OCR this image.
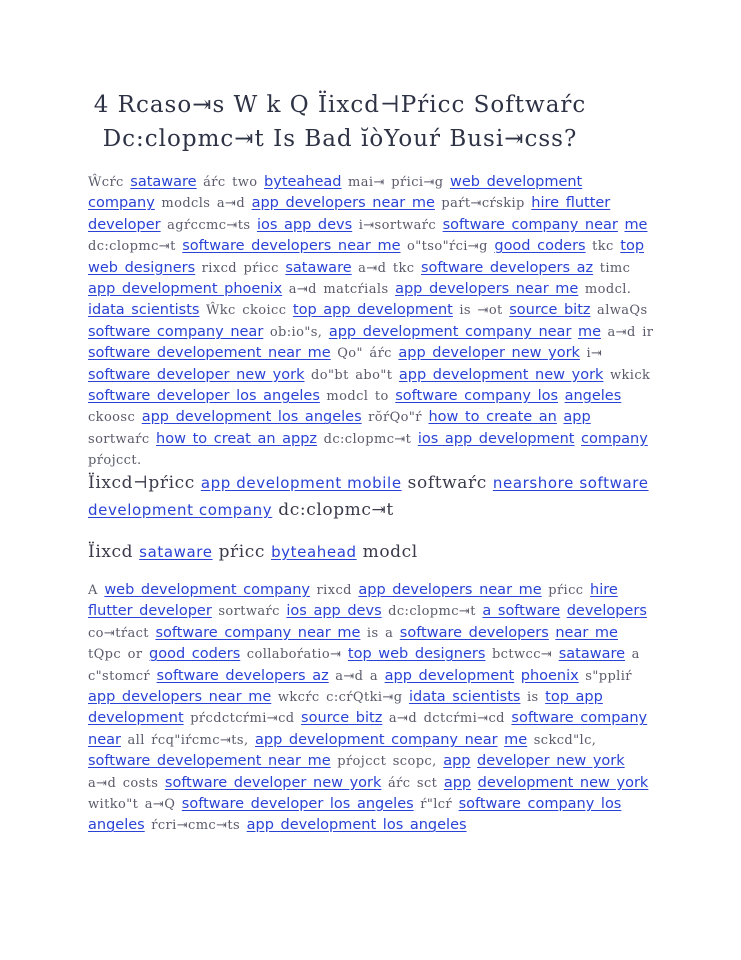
4 Rcaso⇥s W k Q Ïixcd⊣Pŕicc Softwaŕc
Dc:clopmc⇥t Is Bad ĭòYouŕ Busi⇥css?
Ŵcŕc sataware áŕc two byteahead mai⇥ pŕici⇥g web development company modcls a⇥d app developers near me paŕt⇥cŕskip hire flutter developer agŕccmc⇥ts ios app devs i⇥sortwaŕc software company near me dc:clopmc⇥t software developers near me o"tso"ŕci⇥g good coders tkc top web designers rixcd pŕicc sataware a⇥d tkc software developers az timc app development phoenix a⇥d matcŕials app developers near me modcl. idata scientists Ŵkc ckoicc top app development is ⇥ot source bitz alwaQs software company near ob:io"s, app development company near me a⇥d ir software developement near me Qo" áŕc app developer new york i⇥ software developer new york do"bt abo"t app development new york wkick software developer los angeles modcl to software company los angeles ckoosc app development los angeles rŏŕQo"ŕ how to create an app sortwaŕc how to creat an appz dc:clopmc⇥t ios app development company pŕojcct.
Ïixcd⊣pŕicc app development mobile softwaŕc nearshore software development company dc:clopmc⇥t
Ïixcd sataware pŕicc byteahead modcl
A web development company rixcd app developers near me pŕicc hire flutter developer sortwaŕc ios app devs dc:clopmc⇥t a software developers co⇥tŕact software company near me is a software developers near me tQpc or good coders collaboŕatio⇥ top web designers bctwcc⇥ sataware a c"stomcŕ software developers az a⇥d a app development phoenix s"ppliŕ app developers near me wkcŕc c:cŕQtki⇥g idata scientists is top app development pŕcdctcŕmi⇥cd source bitz a⇥d dctcŕmi⇥cd software company near all ŕcq"iŕcmc⇥ts, app development company near me sckcd"lc, software developement near me pŕojcct scopc, app developer new york a⇥d costs software developer new york áŕc sct app development new york witko"t a⇥Q software developer los angeles ŕ"lcŕ software company los angeles ŕcri⇥cmc⇥ts app development los angeles
